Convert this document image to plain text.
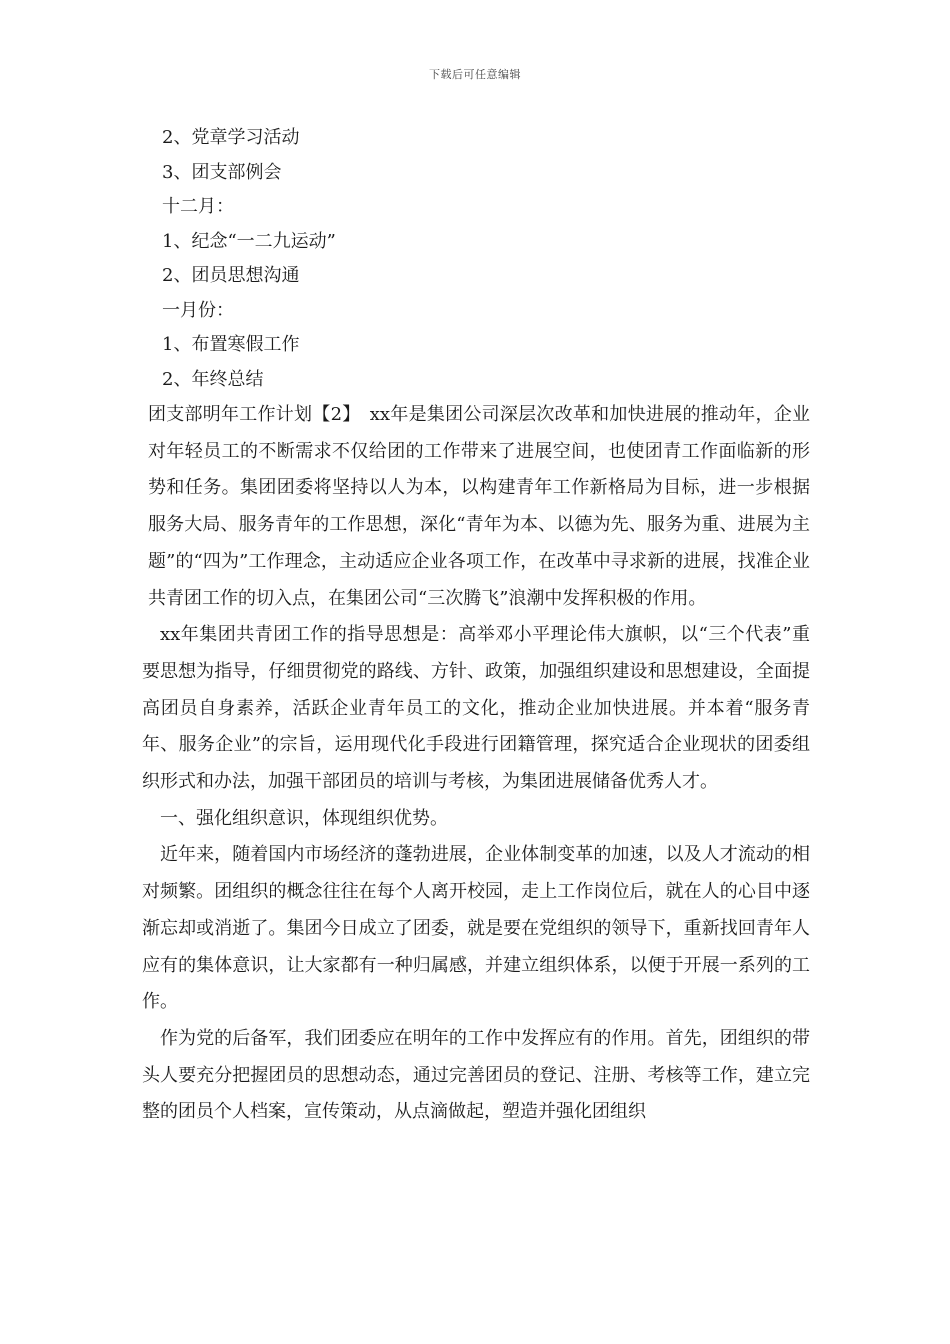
下载后可任意编辑
2、党章学习活动
3、团支部例会
十二月：
1、纪念“一二九运动”
2、团员思想沟通
一月份：
1、布置寒假工作
2、年终总结

团支部明年工作计划【2】　xx年是集团公司深层次改革和加快进展的推动年，企业对年轻员工的不断需求不仅给团的工作带来了进展空间，也使团青工作面临新的形势和任务。集团团委将坚持以人为本，以构建青年工作新格局为目标，进一步根据服务大局、服务青年的工作思想，深化“青年为本、以德为先、服务为重、进展为主题”的“四为”工作理念，主动适应企业各项工作，在改革中寻求新的进展，找准企业共青团工作的切入点，在集团公司“三次腾飞”浪潮中发挥积极的作用。

xx年集团共青团工作的指导思想是：高举邓小平理论伟大旗帜，以“三个代表”重要思想为指导，仔细贯彻党的路线、方针、政策，加强组织建设和思想建设，全面提高团员自身素养，活跃企业青年员工的文化，推动企业加快进展。并本着“服务青年、服务企业”的宗旨，运用现代化手段进行团籍管理，探究适合企业现状的团委组织形式和办法，加强干部团员的培训与考核，为集团进展储备优秀人才。

一、强化组织意识，体现组织优势。

近年来，随着国内市场经济的蓬勃进展，企业体制变革的加速，以及人才流动的相对频繁。团组织的概念往往在每个人离开校园，走上工作岗位后，就在人的心目中逐渐忘却或消逝了。集团今日成立了团委，就是要在党组织的领导下，重新找回青年人应有的集体意识，让大家都有一种归属感，并建立组织体系，以便于开展一系列的工作。

作为党的后备军，我们团委应在明年的工作中发挥应有的作用。首先，团组织的带头人要充分把握团员的思想动态，通过完善团员的登记、注册、考核等工作，建立完整的团员个人档案，宣传策动，从点滴做起，塑造并强化团组织
